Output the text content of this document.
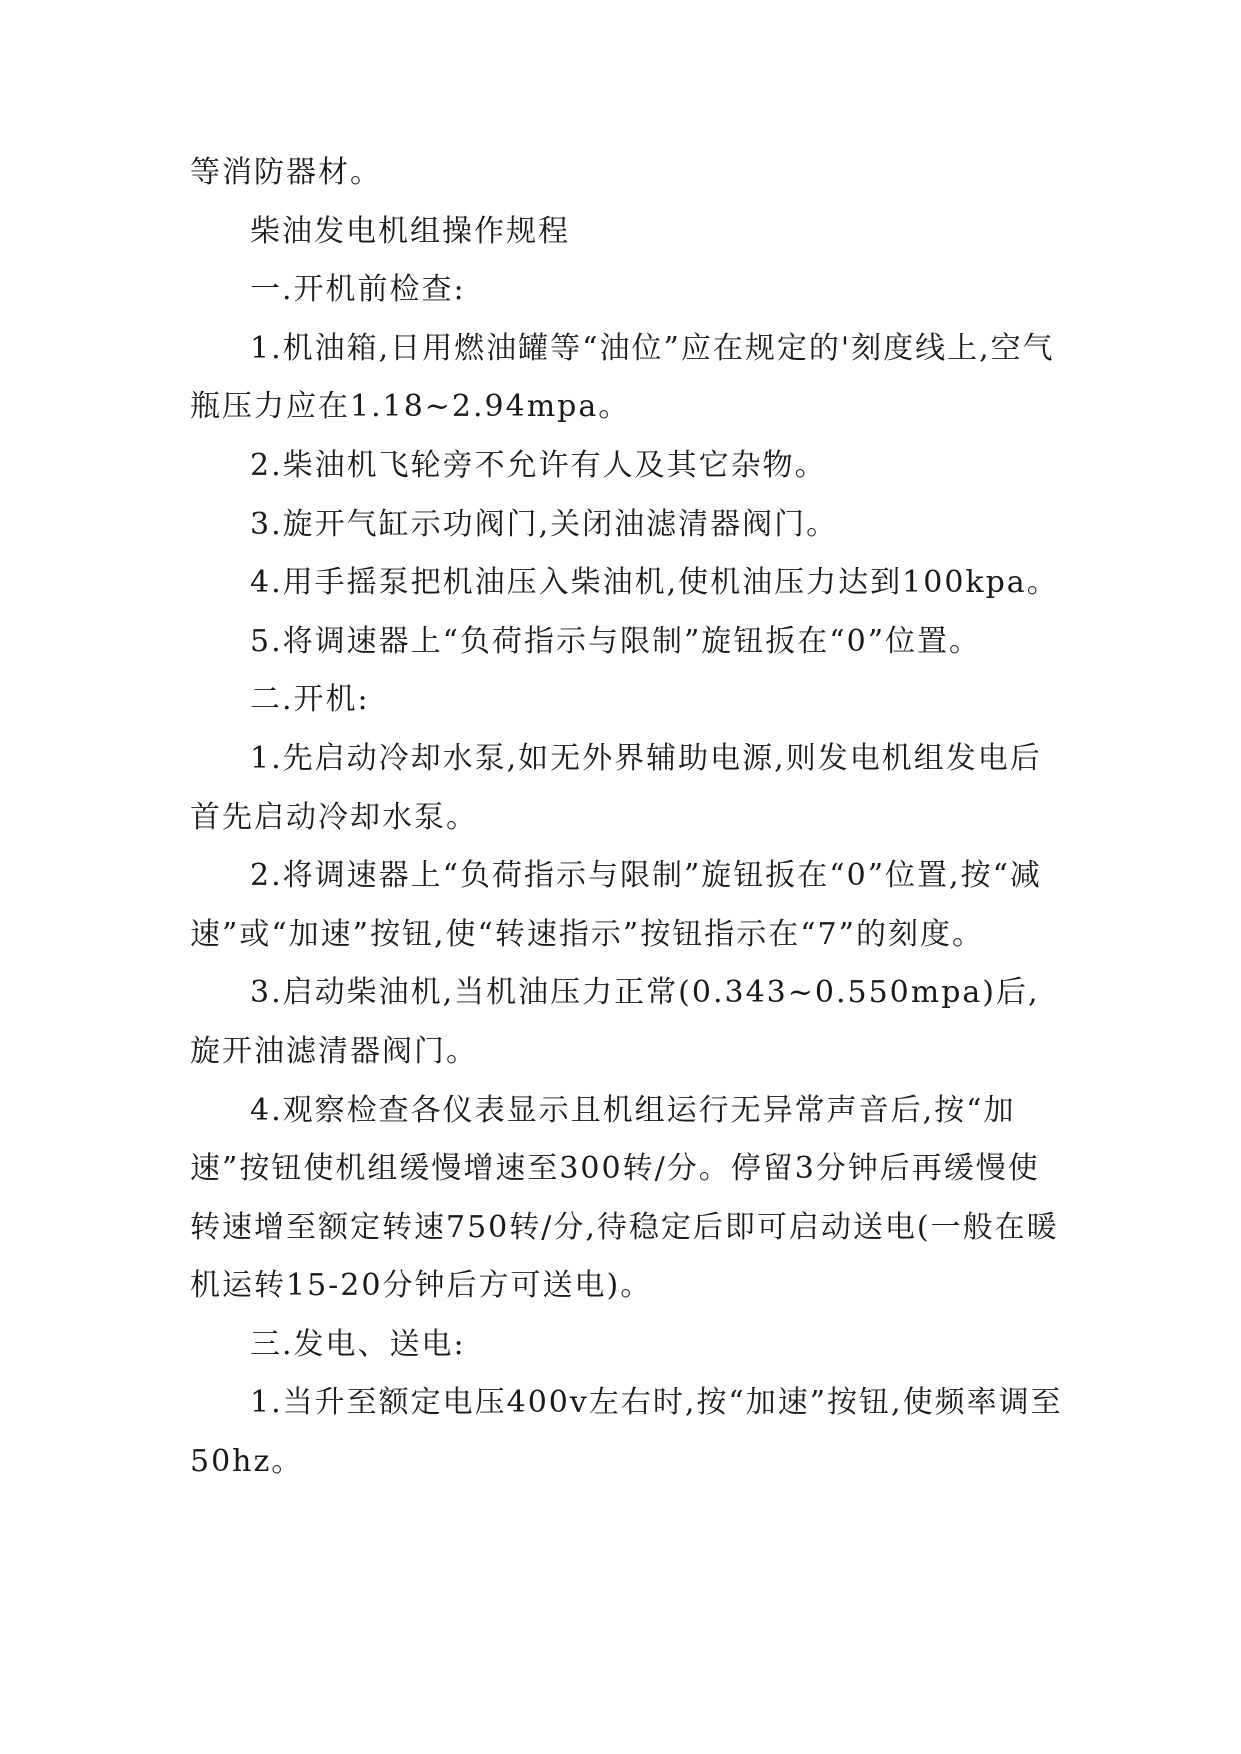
等消防器材。

柴油发电机组操作规程

一.开机前检查:

1.机油箱,日用燃油罐等“油位”应在规定的'刻度线上,空气瓶压力应在1.18~2.94mpa。

2.柴油机飞轮旁不允许有人及其它杂物。

3.旋开气缸示功阀门,关闭油滤清器阀门。

4.用手摇泵把机油压入柴油机,使机油压力达到100kpa。

5.将调速器上“负荷指示与限制”旋钮扳在“0”位置。

二.开机:

1.先启动冷却水泵,如无外界辅助电源,则发电机组发电后首先启动冷却水泵。

2.将调速器上“负荷指示与限制”旋钮扳在“0”位置,按“减速”或“加速”按钮,使“转速指示”按钮指示在“7”的刻度。

3.启动柴油机,当机油压力正常(0.343~0.550mpa)后,旋开油滤清器阀门。

4.观察检查各仪表显示且机组运行无异常声音后,按“加速”按钮使机组缓慢增速至300转/分。停留3分钟后再缓慢使转速增至额定转速750转/分,待稳定后即可启动送电(一般在暖机运转15-20分钟后方可送电)。

三.发电、送电:

1.当升至额定电压400v左右时,按“加速”按钮,使频率调至50hz。
